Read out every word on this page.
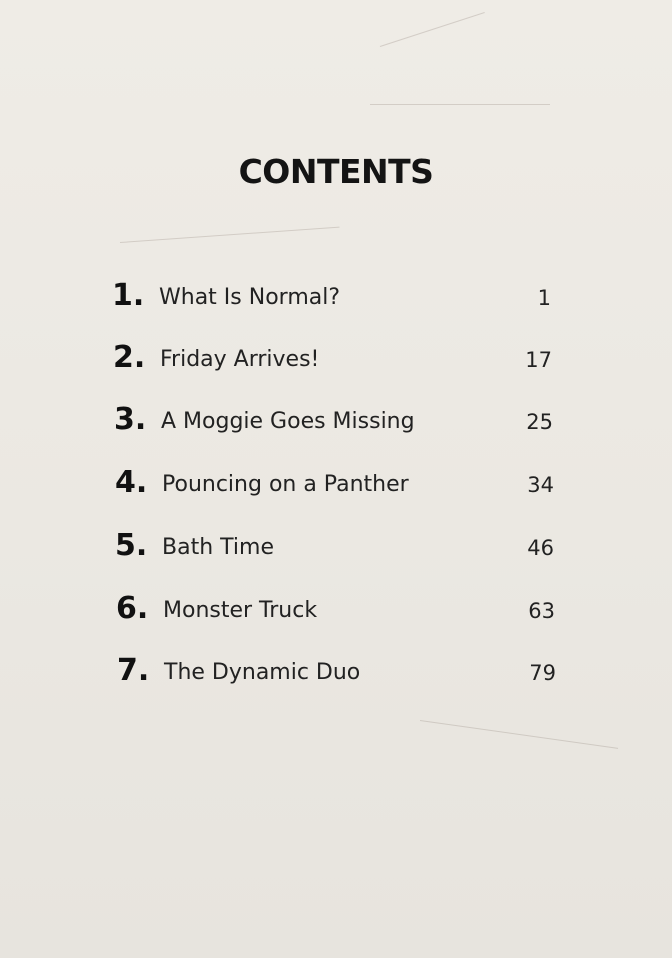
CONTENTS
1. What Is Normal?	1
2. Friday Arrives!	17
3. A Moggie Goes Missing	25
4. Pouncing on a Panther	34
5. Bath Time	46
6. Monster Truck	63
7. The Dynamic Duo	79
